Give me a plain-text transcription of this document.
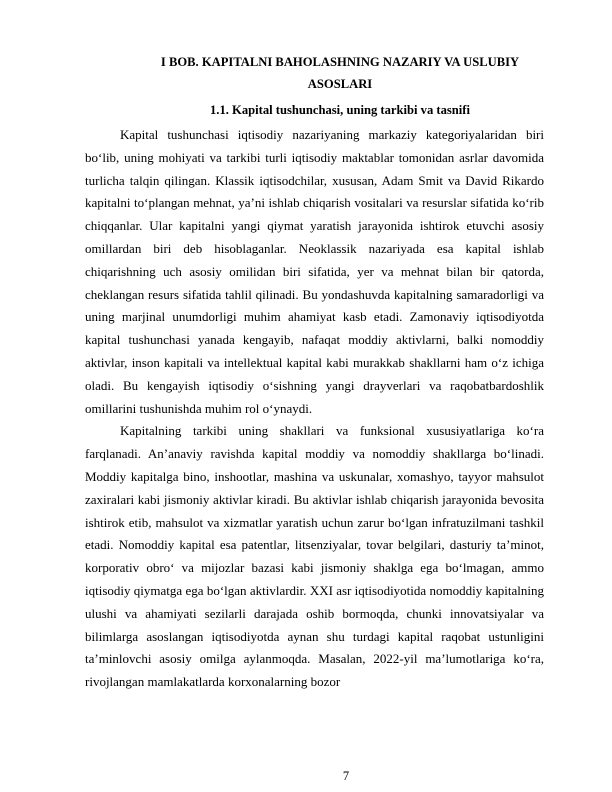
I BOB. KAPITALNI BAHOLASHNING NAZARIY VA USLUBIY
ASOSLARI
1.1. Kapital tushunchasi, uning tarkibi va tasnifi

Kapital tushunchasi iqtisodiy nazariyaning markaziy kategoriyalaridan biri bo‘lib, uning mohiyati va tarkibi turli iqtisodiy maktablar tomonidan asrlar davomida turlicha talqin qilingan. Klassik iqtisodchilar, xususan, Adam Smit va David Rikardo kapitalni to‘plangan mehnat, ya’ni ishlab chiqarish vositalari va resurslar sifatida ko‘rib chiqqanlar. Ular kapitalni yangi qiymat yaratish jarayonida ishtirok etuvchi asosiy omillardan biri deb hisoblaganlar. Neoklassik nazariyada esa kapital ishlab chiqarishning uch asosiy omilidan biri sifatida, yer va mehnat bilan bir qatorda, cheklangan resurs sifatida tahlil qilinadi. Bu yondashuvda kapitalning samaradorligi va uning marjinal unumdorligi muhim ahamiyat kasb etadi. Zamonaviy iqtisodiyotda kapital tushunchasi yanada kengayib, nafaqat moddiy aktivlarni, balki nomoddiy aktivlar, inson kapitali va intellektual kapital kabi murakkab shakllarni ham o‘z ichiga oladi. Bu kengayish iqtisodiy o‘sishning yangi drayverlari va raqobatbardoshlik omillarini tushunishda muhim rol o‘ynaydi.

Kapitalning tarkibi uning shakllari va funksional xususiyatlariga ko‘ra farqlanadi. An’anaviy ravishda kapital moddiy va nomoddiy shakllarga bo‘linadi. Moddiy kapitalga bino, inshootlar, mashina va uskunalar, xomashyo, tayyor mahsulot zaxiralari kabi jismoniy aktivlar kiradi. Bu aktivlar ishlab chiqarish jarayonida bevosita ishtirok etib, mahsulot va xizmatlar yaratish uchun zarur bo‘lgan infratuzilmani tashkil etadi. Nomoddiy kapital esa patentlar, litsenziyalar, tovar belgilari, dasturiy ta’minot, korporativ obro‘ va mijozlar bazasi kabi jismoniy shaklga ega bo‘lmagan, ammo iqtisodiy qiymatga ega bo‘lgan aktivlardir. XXI asr iqtisodiyotida nomoddiy kapitalning ulushi va ahamiyati sezilarli darajada oshib bormoqda, chunki innovatsiyalar va bilimlarga asoslangan iqtisodiyotda aynan shu turdagi kapital raqobat ustunligini ta’minlovchi asosiy omilga aylanmoqda. Masalan, 2022-yil ma’lumotlariga ko‘ra, rivojlangan mamlakatlarda korxonalarning bozor

7
